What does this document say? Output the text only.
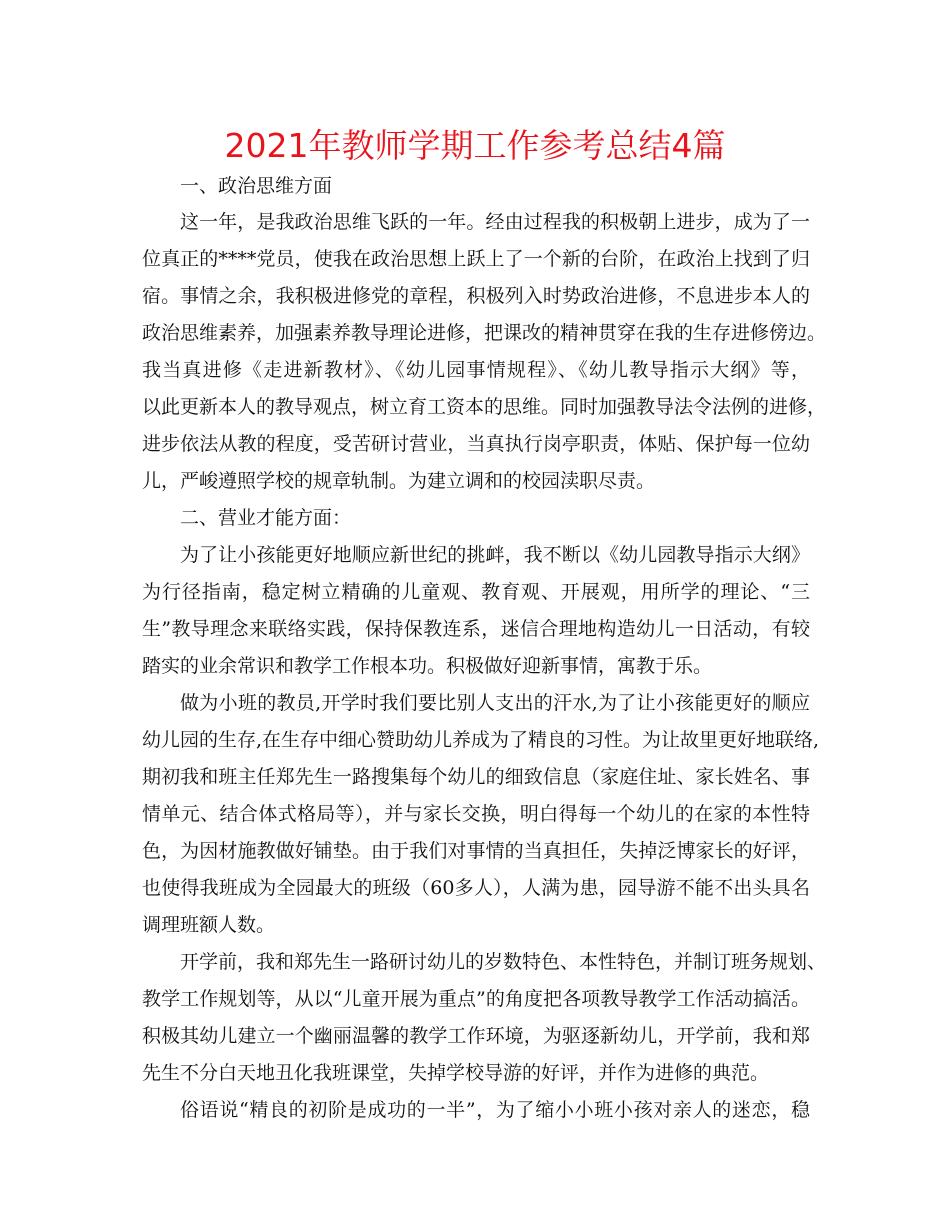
2021年教师学期工作参考总结4篇
一、政治思维方面
这一年，是我政治思维飞跃的一年。经由过程我的积极朝上进步，成为了一
位真正的****党员，使我在政治思想上跃上了一个新的台阶，在政治上找到了归
宿。事情之余，我积极进修党的章程，积极列入时势政治进修，不息进步本人的
政治思维素养，加强素养教导理论进修，把课改的精神贯穿在我的生存进修傍边。
我当真进修《走进新教材》、《幼儿园事情规程》、《幼儿教导指示大纲》等，
以此更新本人的教导观点，树立育工资本的思维。同时加强教导法令法例的进修，
进步依法从教的程度，受苦研讨营业，当真执行岗亭职责，体贴、保护每一位幼
儿，严峻遵照学校的规章轨制。为建立调和的校园渎职尽责。
二、营业才能方面：
为了让小孩能更好地顺应新世纪的挑衅，我不断以《幼儿园教导指示大纲》
为行径指南，稳定树立精确的儿童观、教育观、开展观，用所学的理论、“三
生”教导理念来联络实践，保持保教连系，迷信合理地构造幼儿一日活动，有较
踏实的业余常识和教学工作根本功。积极做好迎新事情，寓教于乐。
做为小班的教员,开学时我们要比别人支出的汗水,为了让小孩能更好的顺应
幼儿园的生存,在生存中细心赞助幼儿养成为了精良的习性。为让故里更好地联络,
期初我和班主任郑先生一路搜集每个幼儿的细致信息（家庭住址、家长姓名、事
情单元、结合体式格局等），并与家长交换，明白得每一个幼儿的在家的本性特
色，为因材施教做好铺垫。由于我们对事情的当真担任，失掉泛博家长的好评，
也使得我班成为全园最大的班级（60多人），人满为患，园导游不能不出头具名
调理班额人数。
开学前，我和郑先生一路研讨幼儿的岁数特色、本性特色，并制订班务规划、
教学工作规划等，从以“儿童开展为重点”的角度把各项教导教学工作活动搞活。
积极其幼儿建立一个幽丽温馨的教学工作环境，为驱逐新幼儿，开学前，我和郑
先生不分白天地丑化我班课堂，失掉学校导游的好评，并作为进修的典范。
俗语说“精良的初阶是成功的一半”，为了缩小小班小孩对亲人的迷恋，稳
